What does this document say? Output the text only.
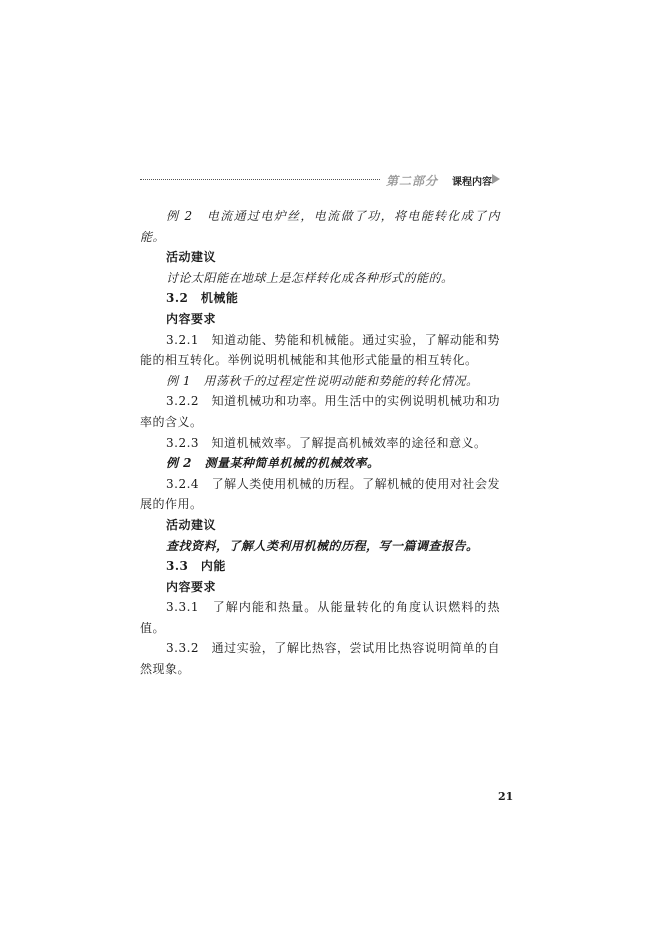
第二部分 课程内容

例 2　电流通过电炉丝，电流做了功，将电能转化成了内能。

活动建议

讨论太阳能在地球上是怎样转化成各种形式的能的。

3.2　机械能

内容要求

3.2.1　知道动能、势能和机械能。通过实验，了解动能和势能的相互转化。举例说明机械能和其他形式能量的相互转化。

例 1　用荡秋千的过程定性说明动能和势能的转化情况。

3.2.2　知道机械功和功率。用生活中的实例说明机械功和功率的含义。

3.2.3　知道机械效率。了解提高机械效率的途径和意义。

例 2　测量某种简单机械的机械效率。

3.2.4　了解人类使用机械的历程。了解机械的使用对社会发展的作用。

活动建议

查找资料，了解人类利用机械的历程，写一篇调查报告。

3.3　内能

内容要求

3.3.1　了解内能和热量。从能量转化的角度认识燃料的热值。

3.3.2　通过实验，了解比热容，尝试用比热容说明简单的自然现象。

21
